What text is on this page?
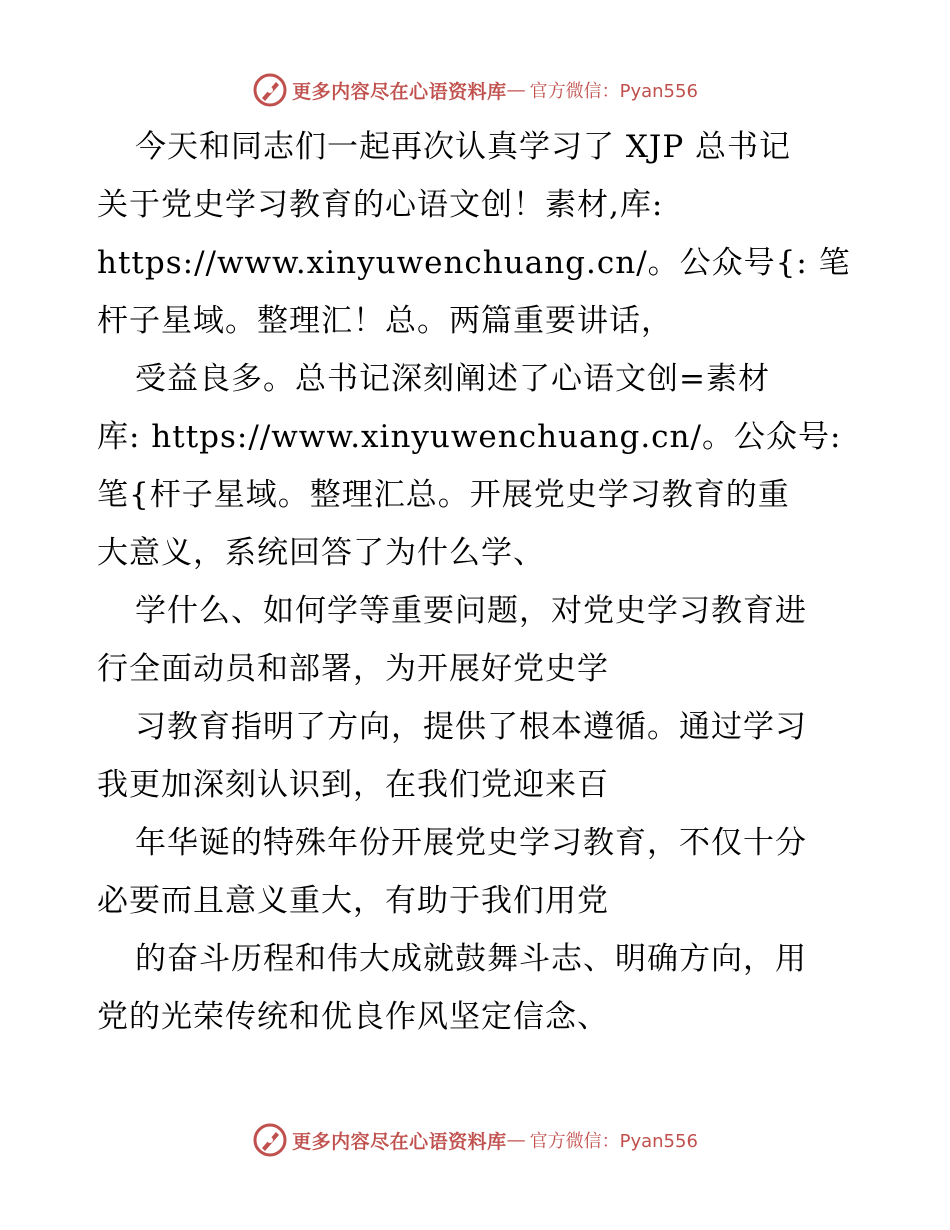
更多内容尽在心语资料库 — 官方微信：Pyan556
今天和同志们一起再次认真学习了 XJP 总书记
关于党史学习教育的心语文创！素材,库:
https://www.xinyuwenchuang.cn/。公众号{: 笔
杆子星域。整理汇！总。两篇重要讲话，
受益良多。总书记深刻阐述了心语文创=素材
库: https://www.xinyuwenchuang.cn/。公众号:
笔{杆子星域。整理汇总。开展党史学习教育的重
大意义，系统回答了为什么学、
学什么、如何学等重要问题，对党史学习教育进
行全面动员和部署，为开展好党史学
习教育指明了方向，提供了根本遵循。通过学习
我更加深刻认识到，在我们党迎来百
年华诞的特殊年份开展党史学习教育，不仅十分
必要而且意义重大，有助于我们用党
的奋斗历程和伟大成就鼓舞斗志、明确方向，用
党的光荣传统和优良作风坚定信念、
更多内容尽在心语资料库 — 官方微信：Pyan556
